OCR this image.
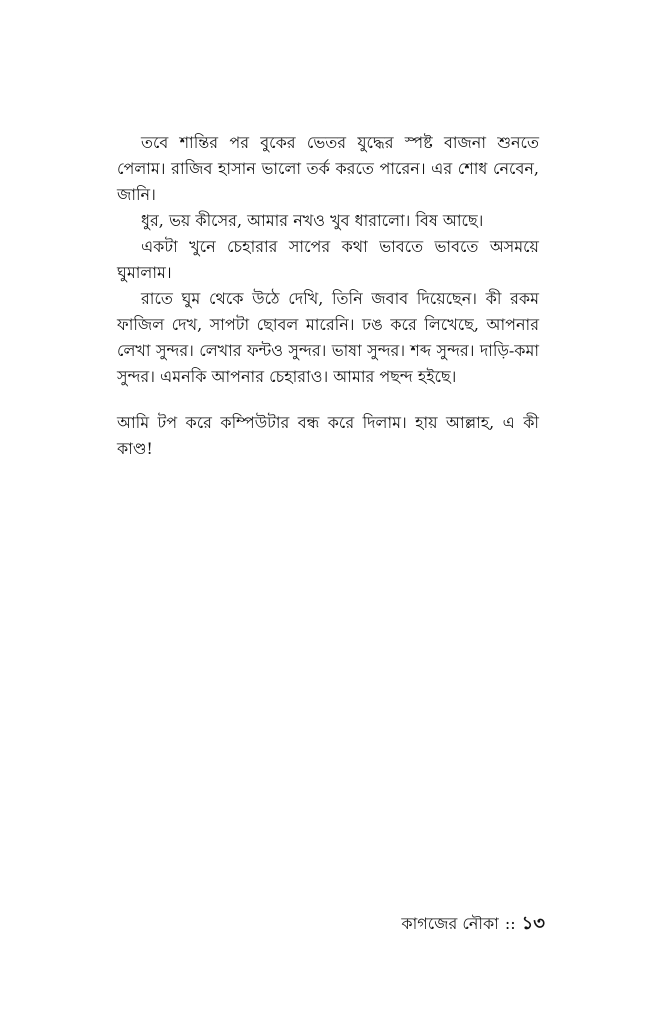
তবে শান্তির পর বুকের ভেতর যুদ্ধের স্পষ্ট বাজনা শুনতে পেলাম। রাজিব হাসান ভালো তর্ক করতে পারেন। এর শোধ নেবেন, জানি।

ধুর, ভয় কীসের, আমার নখও খুব ধারালো। বিষ আছে।

একটা খুনে চেহারার সাপের কথা ভাবতে ভাবতে অসময়ে ঘুমালাম।

রাতে ঘুম থেকে উঠে দেখি, তিনি জবাব দিয়েছেন। কী রকম ফাজিল দেখ, সাপটা ছোবল মারেনি। ঢঙ করে লিখেছে, আপনার লেখা সুন্দর। লেখার ফন্টও সুন্দর। ভাষা সুন্দর। শব্দ সুন্দর। দাড়ি-কমা সুন্দর। এমনকি আপনার চেহারাও। আমার পছন্দ হইছে।

আমি টপ করে কম্পিউটার বন্ধ করে দিলাম। হায় আল্লাহ, এ কী কাণ্ড!

কাগজের নৌকা :: ১৩
